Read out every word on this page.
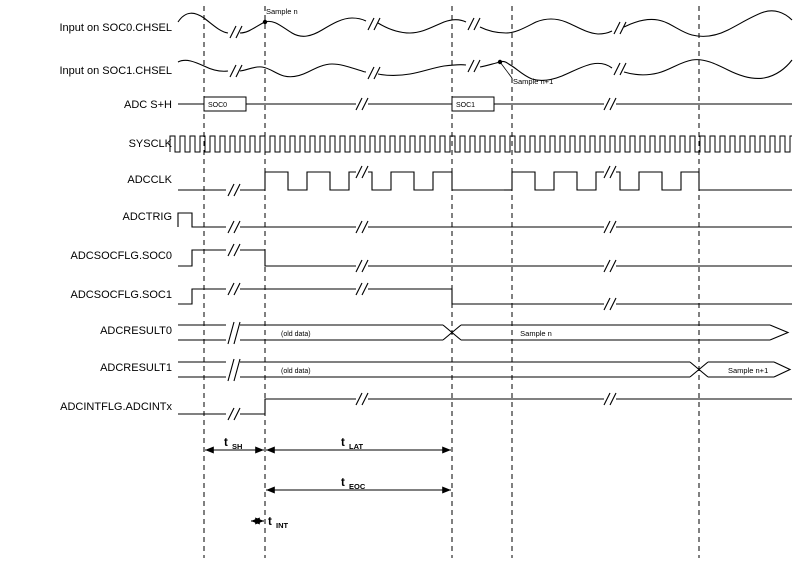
Input on SOC0.CHSEL
Input on SOC1.CHSEL
ADC S+H
SYSCLK
ADCCLK
ADCTRIG
ADCSOCFLG.SOC0
ADCSOCFLG.SOC1
ADCRESULT0
ADCRESULT1
ADCINTFLG.ADCINTx
Sample n
Sample n+1
SOC0	SOC1
(old data)	Sample n
(old data)	Sample n+1
t SH	t LAT
t EOC
t INT
